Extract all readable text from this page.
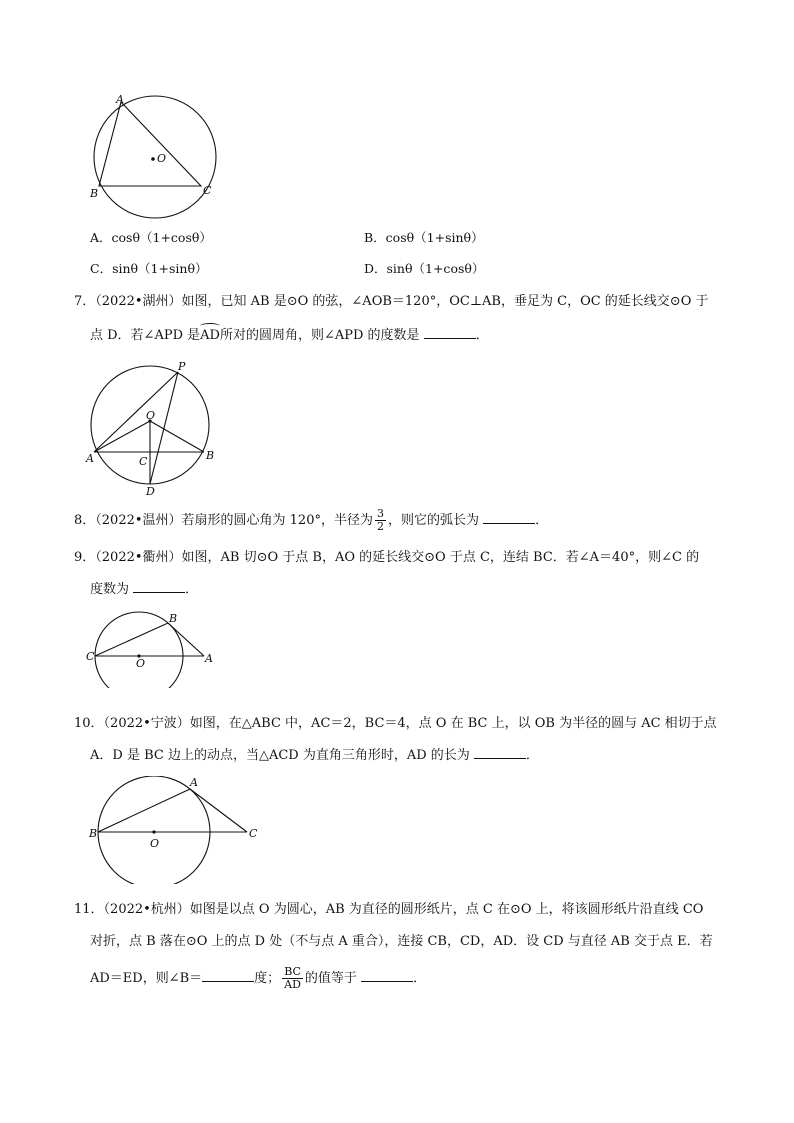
A
O
B	C
A．cosθ（1+cosθ）	B．cosθ（1+sinθ）
C．sinθ（1+sinθ）	D．sinθ（1+cosθ）
7．（2022•湖州）如图，已知 AB 是⊙O 的弦，∠AOB＝120°，OC⊥AB，垂足为 C，OC 的延长线交⊙O 于
点 D．若∠APD 是AD所对的圆周角，则∠APD 的度数是	．
P
O
A	B
C
D
8．（2022•温州）若扇形的圆心角为 120°，半径为 $\frac{3}{2}$ ，则它的弧长为	．
9．（2022•衢州）如图，AB 切⊙O 于点 B，AO 的延长线交⊙O 于点 C，连结 BC．若∠A＝40°，则∠C 的
度数为	．
B
C
O	A
10．（2022•宁波）如图，在△ABC 中，AC＝2，BC＝4，点 O 在 BC 上，以 OB 为半径的圆与 AC 相切于点
A．D 是 BC 边上的动点，当△ACD 为直角三角形时，AD 的长为	．
A
B
O
C
11．（2022•杭州）如图是以点 O 为圆心，AB 为直径的圆形纸片，点 C 在⊙O 上，将该圆形纸片沿直线 CO
对折，点 B 落在⊙O 上的点 D 处（不与点 A 重合），连接 CB，CD，AD．设 CD 与直径 AB 交于点 E．若
AD＝ED，则∠B＝	度； $\frac{BC}{AD}$ 的值等于	．
